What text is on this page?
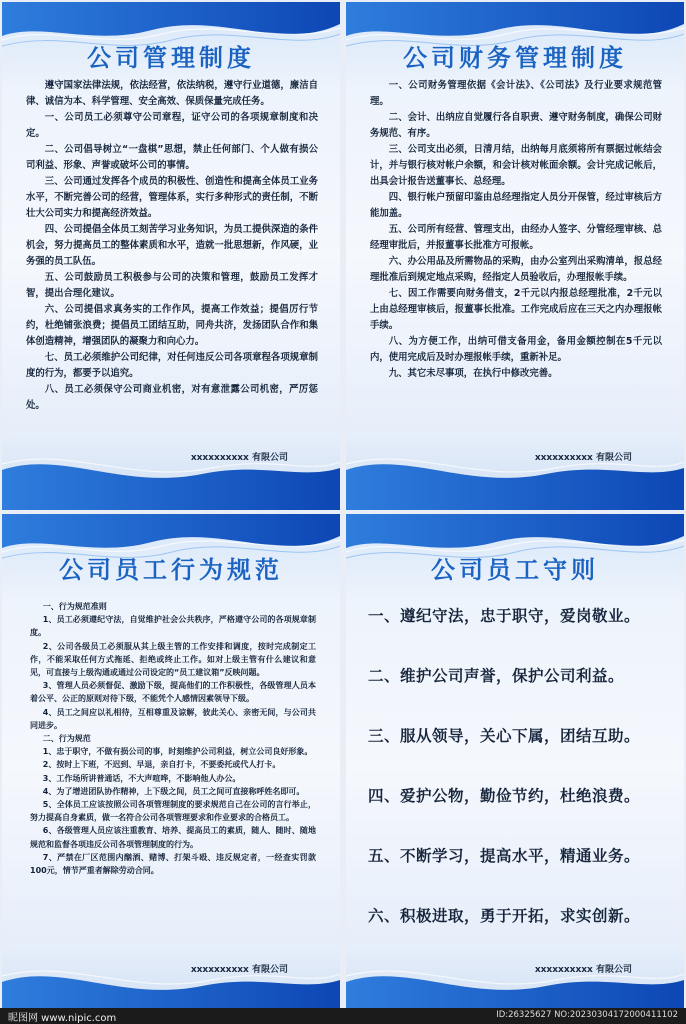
公司管理制度

遵守国家法律法规，依法经营，依法纳税，遵守行业道德，廉洁自律、诚信为本、科学管理、安全高效、保质保量完成任务。

一、公司员工必须尊守公司章程，证守公司的各项规章制度和决定。

二、公司倡导树立“一盘棋”思想，禁止任何部门、个人做有损公司利益、形象、声誉或破坏公司的事情。

三、公司通过发挥各个成员的积极性、创造性和提高全体员工业务水平，不断完善公司的经营，管理体系，实行多种形式的责任制，不断壮大公司实力和提高经济效益。

四、公司提倡全体员工刻苦学习业务知识，为员工提供深造的条件机会，努力提高员工的整体素质和水平，造就一批思想新，作风硬，业务强的员工队伍。

五、公司鼓励员工积极参与公司的决策和管理，鼓励员工发挥才智，提出合理化建议。

六、公司提倡求真务实的工作作风，提高工作效益；提倡厉行节约，杜绝铺张浪费；提倡员工团结互助，同舟共济，发扬团队合作和集体创造精神，增强团队的凝聚力和向心力。

七、员工必须维护公司纪律，对任何违反公司各项章程各项规章制度的行为，都要予以追究。

八、员工必须保守公司商业机密，对有意泄露公司机密，严厉惩处。

xxxxxxxxxx 有限公司
公司财务管理制度

一、公司财务管理依据《会计法》、《公司法》及行业要求规范管理。

二、会计、出纳应自觉履行各自职责、遵守财务制度，确保公司财务规范、有序。

三、公司支出必须，日清月结，出纳每月底须将所有票据过帐结会计，并与银行核对帐户余额，和会计核对帐面余额。会计完成记帐后，出具会计报告送董事长、总经理。

四、银行帐户预留印鉴由总经理指定人员分开保管，经过审核后方能加盖。

五、公司所有经营、管理支出，由经办人签字、分管经理审核、总经理审批后，并报董事长批准方可报帐。

六、办公用品及所需物品的采购，由办公室列出采购清单，报总经理批准后到规定地点采购，经指定人员验收后，办理报帐手续。

七、因工作需要向财务借支，2千元以内报总经理批准，2千元以上由总经理审核后，报董事长批准。工作完成后应在三天之内办理报帐手续。

八、为方便工作，出纳可借支备用金，备用金额控制在5千元以内，使用完成后及时办理报帐手续，重新补足。

九、其它未尽事项，在执行中修改完善。

xxxxxxxxxx 有限公司
公司员工行为规范

一、行为规范准则

1、员工必须遵纪守法，自觉维护社会公共秩序，严格遵守公司的各项规章制度。

2、公司各级员工必须服从其上级主管的工作安排和调度，按时完成制定工作，不能采取任何方式拖延、拒绝或终止工作。如对上级主管有什么建议和意见，可直接与上级沟通或通过公司设定的“员工建议箱”反映问题。

3、管理人员必须督促、激励下级，提高他们的工作积极性，各级管理人员本着公平、公正的原则对待下级，不能凭个人感情因素领导下级。

4、员工之间应以礼相待，互相尊重及谅解，彼此关心、亲密无间，与公司共同进步。

二、行为规范

1、忠于职守，不做有损公司的事，时刻维护公司利益，树立公司良好形象。

2、按时上下班，不迟到、早退，亲自打卡，不要委托或代人打卡。

3、工作场所讲普通话，不大声喧哗，不影响他人办公。

4、为了增进团队协作精神，上下级之间，员工之间可直接称呼姓名即可。

5、全体员工应该按照公司各项管理制度的要求规范自己在公司的言行举止，努力提高自身素质，做一名符合公司各项管理要求和作业要求的合格员工。

6、各级管理人员应该注重教育、培养、提高员工的素质，随人、随时、随地规范和监督各项违反公司各项管理制度的行为。

7、严禁在厂区范围内酗酒、赌博、打架斗殴、违反规定者，一经查实罚款100元，情节严重者解除劳动合同。

xxxxxxxxxx 有限公司
公司员工守则

一、遵纪守法，忠于职守，爱岗敬业。

二、维护公司声誉，保护公司利益。

三、服从领导，关心下属，团结互助。

四、爱护公物，勤俭节约，杜绝浪费。

五、不断学习，提高水平，精通业务。

六、积极进取，勇于开拓，求实创新。

xxxxxxxxxx 有限公司
昵图网 www.nipic.com	ID:26325627 NO:20230304172000411102
